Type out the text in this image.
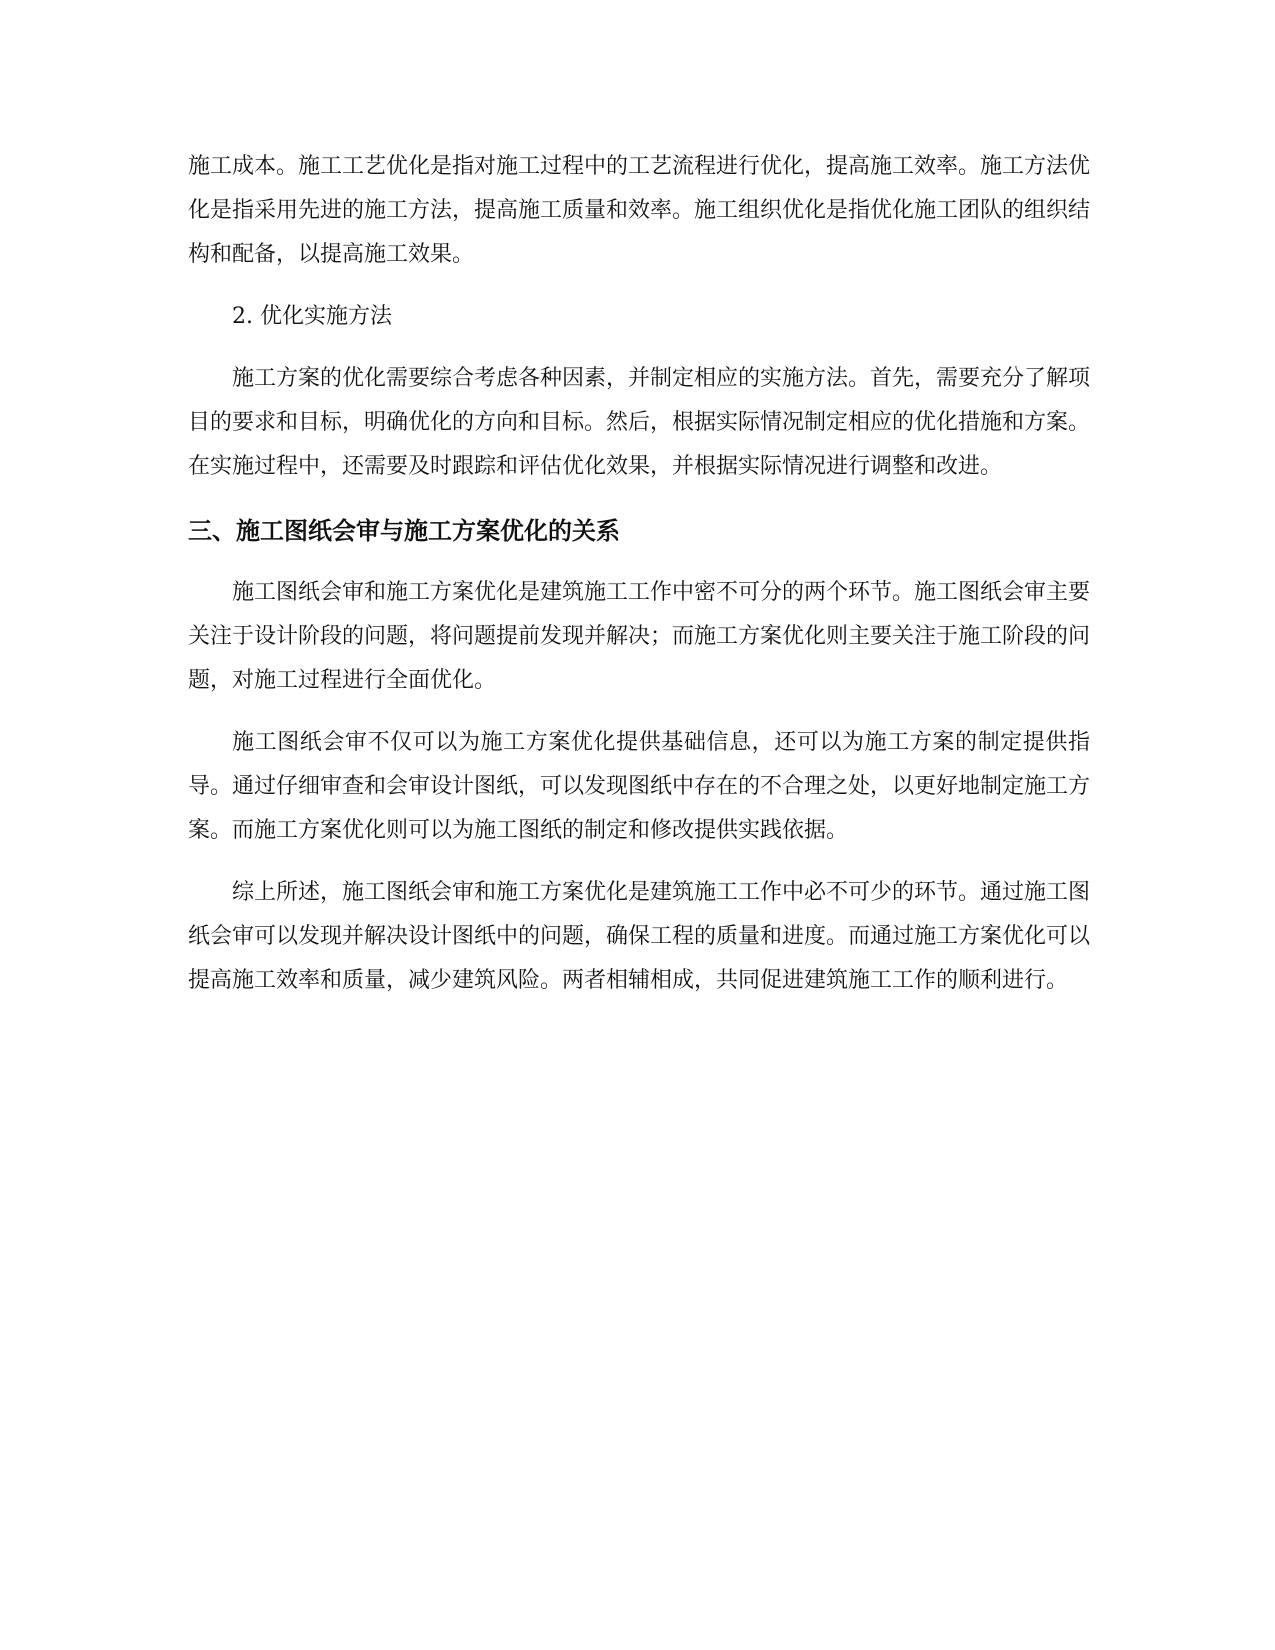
施工成本。施工工艺优化是指对施工过程中的工艺流程进行优化，提高施工效率。施工方法优化是指采用先进的施工方法，提高施工质量和效率。施工组织优化是指优化施工团队的组织结构和配备，以提高施工效果。

2. 优化实施方法

施工方案的优化需要综合考虑各种因素，并制定相应的实施方法。首先，需要充分了解项目的要求和目标，明确优化的方向和目标。然后，根据实际情况制定相应的优化措施和方案。在实施过程中，还需要及时跟踪和评估优化效果，并根据实际情况进行调整和改进。

三、施工图纸会审与施工方案优化的关系

施工图纸会审和施工方案优化是建筑施工工作中密不可分的两个环节。施工图纸会审主要关注于设计阶段的问题，将问题提前发现并解决；而施工方案优化则主要关注于施工阶段的问题，对施工过程进行全面优化。

施工图纸会审不仅可以为施工方案优化提供基础信息，还可以为施工方案的制定提供指导。通过仔细审查和会审设计图纸，可以发现图纸中存在的不合理之处，以更好地制定施工方案。而施工方案优化则可以为施工图纸的制定和修改提供实践依据。

综上所述，施工图纸会审和施工方案优化是建筑施工工作中必不可少的环节。通过施工图纸会审可以发现并解决设计图纸中的问题，确保工程的质量和进度。而通过施工方案优化可以提高施工效率和质量，减少建筑风险。两者相辅相成，共同促进建筑施工工作的顺利进行。
